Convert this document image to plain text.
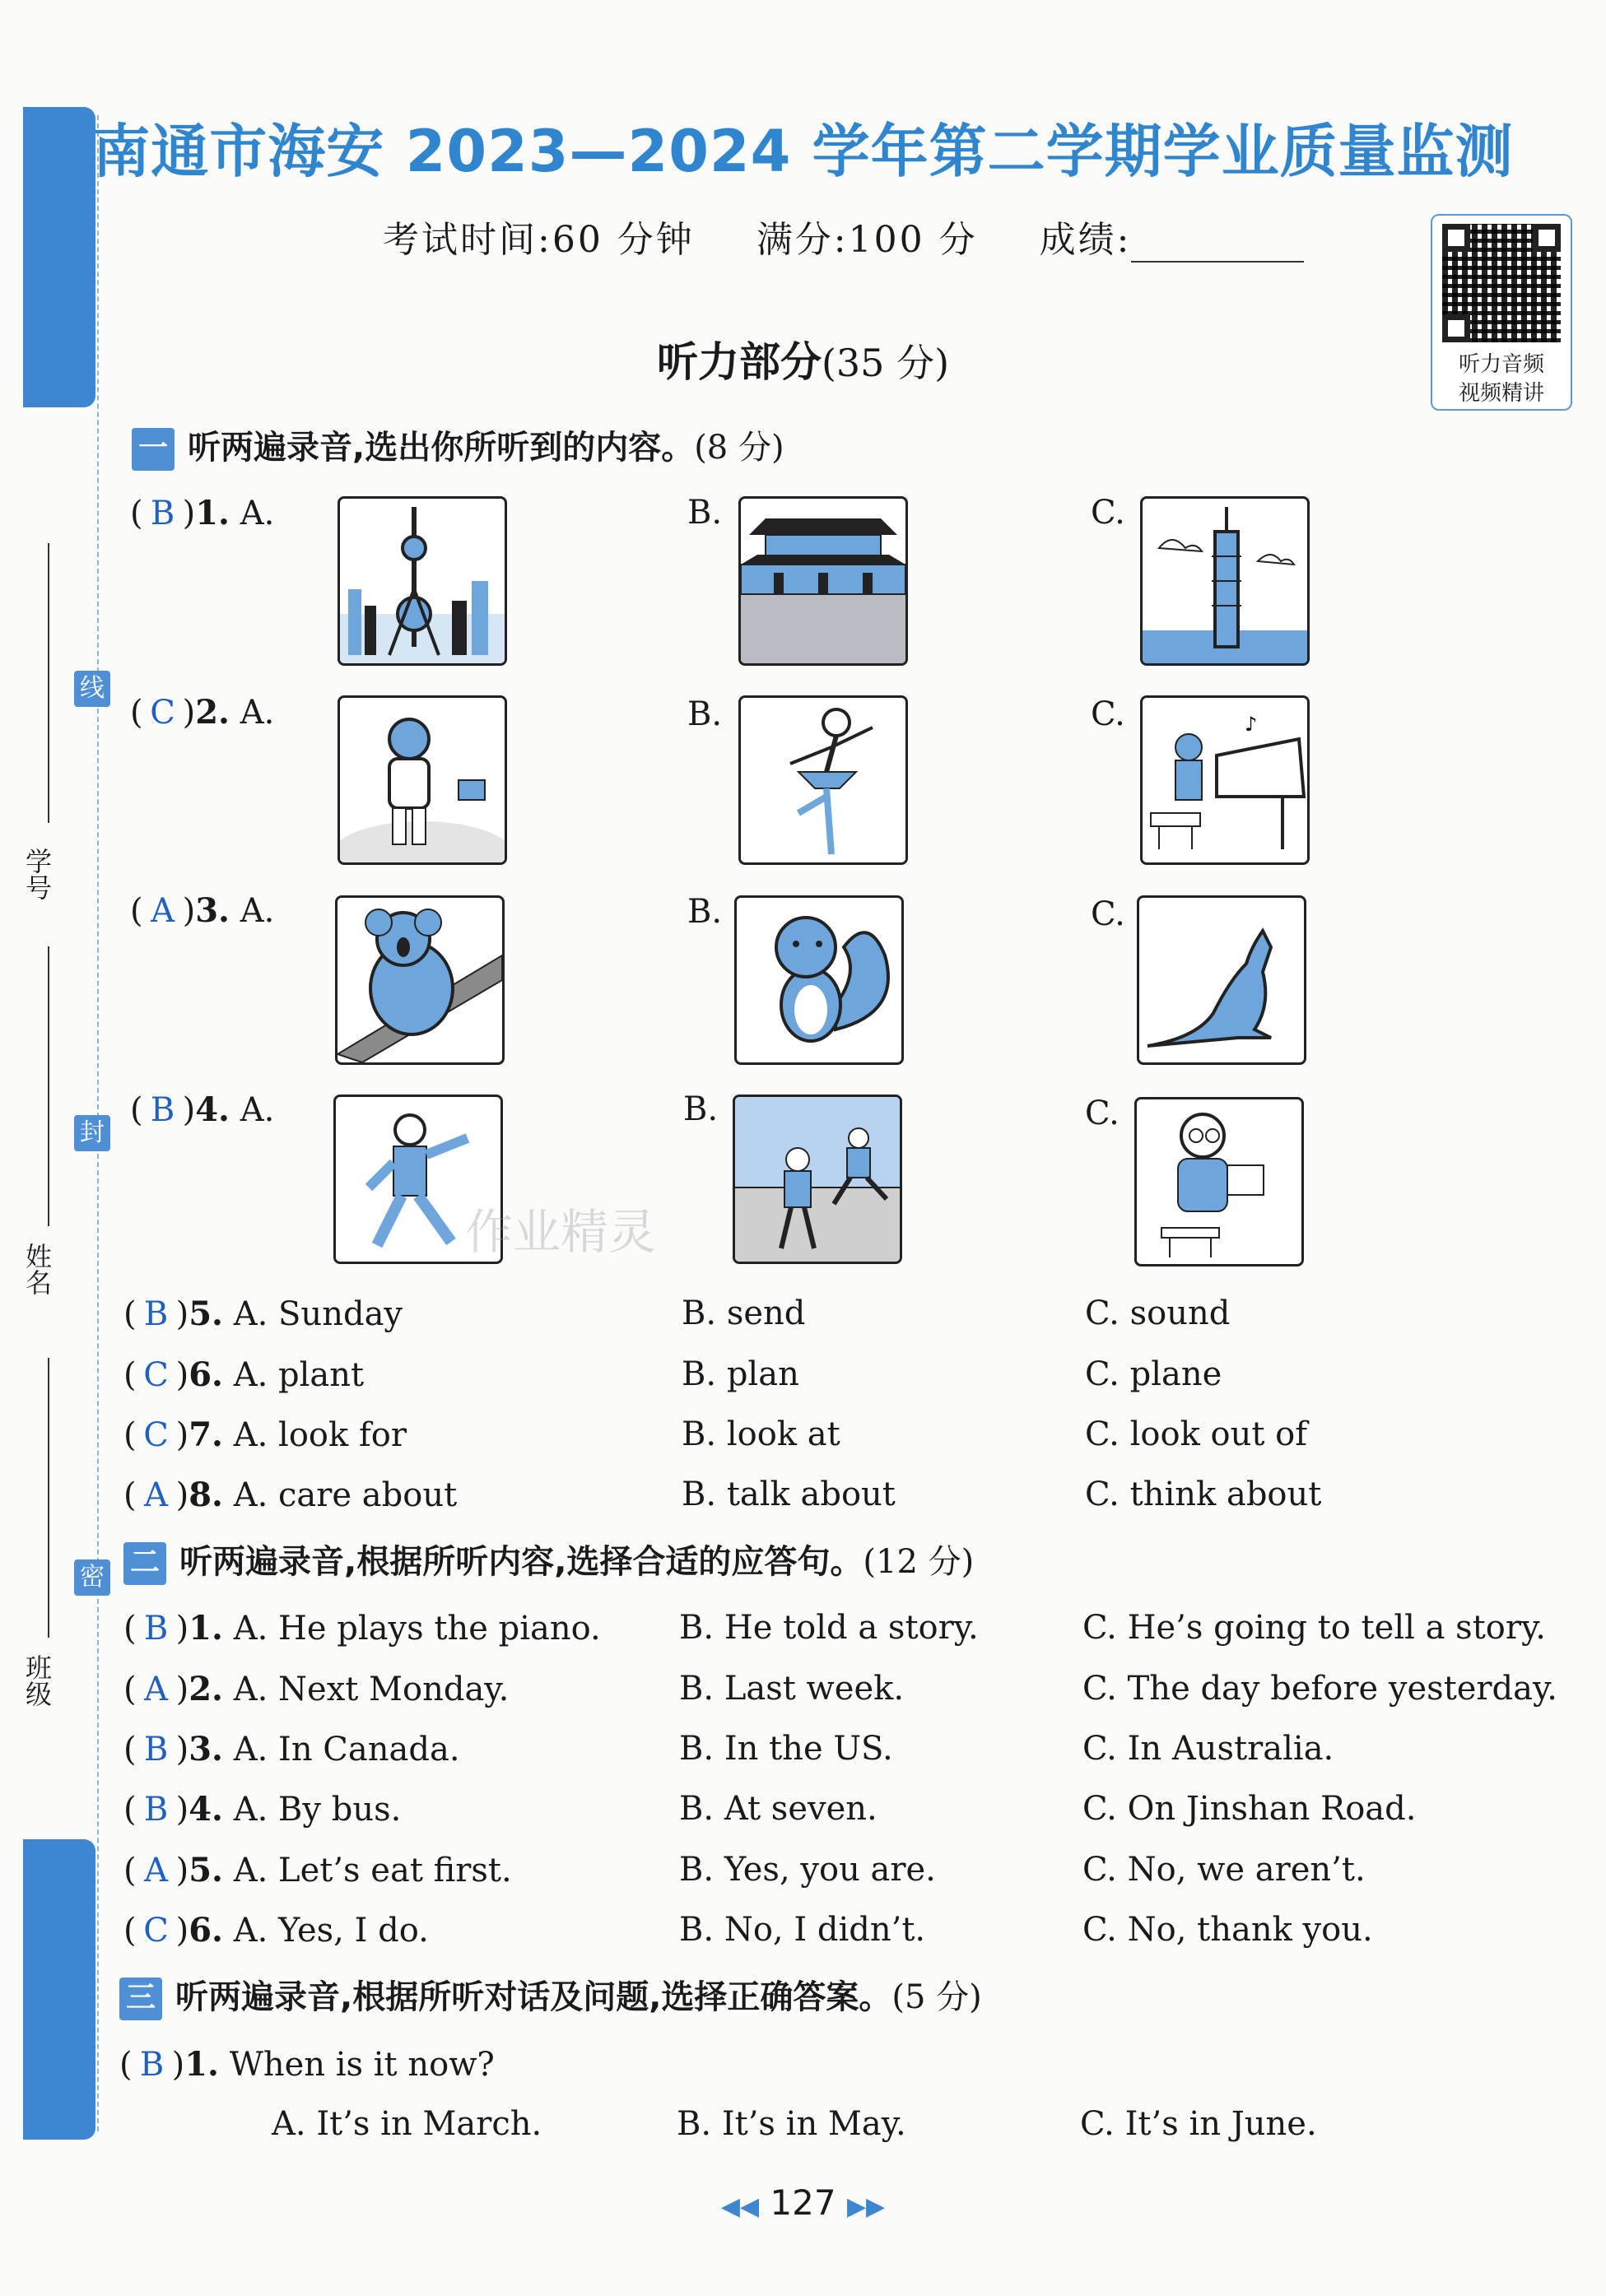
线
封
密
学号
姓名
班级
南通市海安 2023—2024 学年第二学期学业质量监测
考试时间:60 分钟 满分:100 分 成绩:
听力音频
视频精讲
听力部分(35 分)
一 听两遍录音,选出你所听到的内容。(8 分)
( B )1. A.	B.	C.
( C )2. A.	B.	C.	♪
( A )3. A.	B.	C.
( B )4. A.	B.	C.
( B )5. A. Sunday	B. send	C. sound
( C )6. A. plant	B. plan	C. plane
( C )7. A. look for	B. look at	C. look out of
( A )8. A. care about	B. talk about	C. think about
二 听两遍录音,根据所听内容,选择合适的应答句。(12 分)
( B )1. A. He plays the piano. B. He told a story.	C. He’s going to tell a story.
( A )2. A. Next Monday.	B. Last week.	C. The day before yesterday.
( B )3. A. In Canada.	B. In the US.	C. In Australia.
( B )4. A. By bus.	B. At seven.	C. On Jinshan Road.
( A )5. A. Let’s eat first.	B. Yes, you are.	C. No, we aren’t.
( C )6. A. Yes, I do.	B. No, I didn’t.	C. No, thank you.
三 听两遍录音,根据所听对话及问题,选择正确答案。(5 分)
( B )1. When is it now?
A. It’s in March.	B. It’s in May.	C. It’s in June.
作业精灵
◀◀ 127 ▶▶
